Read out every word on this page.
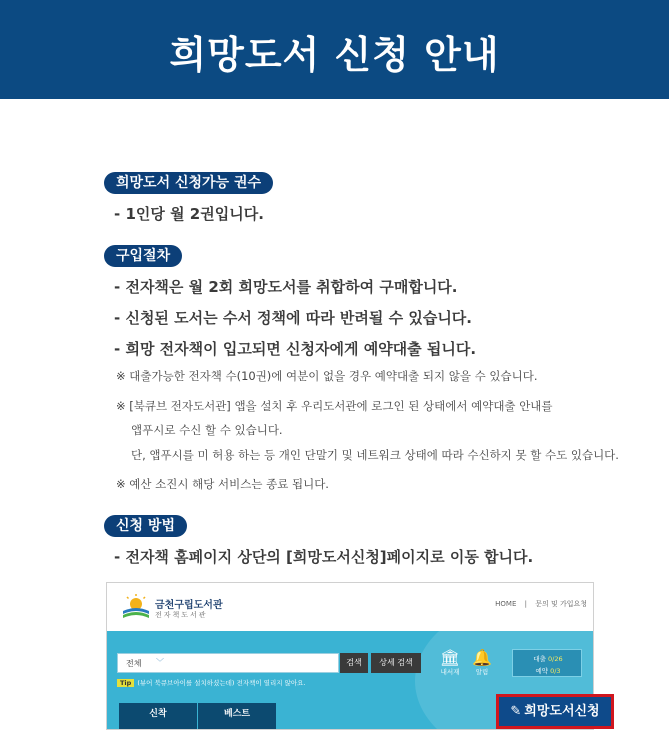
희망도서 신청 안내
희망도서 신청가능 권수
- 1인당 월 2권입니다.
구입절차
- 전자책은 월 2회 희망도서를 취합하여 구매합니다.
- 신청된 도서는 수서 정책에 따라 반려될 수 있습니다.
- 희망 전자책이 입고되면 신청자에게 예약대출 됩니다.
※ 대출가능한 전자책 수(10권)에 여분이 없을 경우 예약대출 되지 않을 수 있습니다.
※ [북큐브 전자도서관] 앱을 설치 후 우리도서관에 로그인 된 상태에서 예약대출 안내를
앱푸시로 수신 할 수 있습니다.
단, 앱푸시를 미 허용 하는 등 개인 단말기 및 네트워크 상태에 따라 수신하지 못 할 수도 있습니다.
※ 예산 소진시 해당 서비스는 종료 됩니다.
신청 방법
- 전자책 홈페이지 상단의 [희망도서신청]페이지로 이동 합니다.
금천구립도서관
전자책도서관
HOME | 문의 및 가입요청
전체 ﹀	검색	상세 검색
Tip (뷰어 북큐브아이를 설치하셨는데) 전자책이 열리지 않아요.
🏛
내서재
🔔
알림
대출 0/26
예약 0/3
신착	베스트	✎ 희망도서신청
